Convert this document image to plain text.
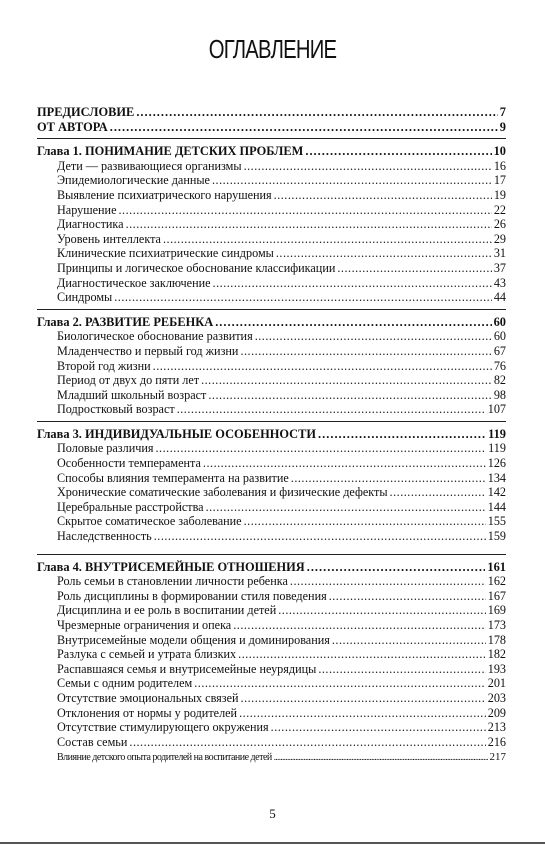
ОГЛАВЛЕНИЕ
ПРЕДИСЛОВИЕ .....	7
ОТ АВТОРА .....	9
Глава 1. ПОНИМАНИЕ ДЕТСКИХ ПРОБЛЕМ .....	10
Дети — развивающиеся организмы .....	16
Эпидемиологические данные .....	17
Выявление психиатрического нарушения .....	19
Нарушение .....	22
Диагностика .....	26
Уровень интеллекта .....	29
Клинические психиатрические синдромы .....	31
Принципы и логическое обоснование классификации .....	37
Диагностическое заключение .....	43
Синдромы .....	44
Глава 2. РАЗВИТИЕ РЕБЕНКА .....	60
Биологическое обоснование развития .....	60
Младенчество и первый год жизни .....	67
Второй год жизни .....	76
Период от двух до пяти лет .....	82
Младший школьный возраст .....	98
Подростковый возраст .....	107
Глава 3. ИНДИВИДУАЛЬНЫЕ ОСОБЕННОСТИ .....	119
Половые различия .....	119
Особенности темперамента .....	126
Способы влияния темперамента на развитие .....	134
Хронические соматические заболевания и физические дефекты .....	142
Церебральные расстройства .....	144
Скрытое соматическое заболевание .....	155
Наследственность .....	159
Глава 4. ВНУТРИСЕМЕЙНЫЕ ОТНОШЕНИЯ .....	161
Роль семьи в становлении личности ребенка .....	162
Роль дисциплины в формировании стиля поведения .....	167
Дисциплина и ее роль в воспитании детей .....	169
Чрезмерные ограничения и опека .....	173
Внутрисемейные модели общения и доминирования .....	178
Разлука с семьей и утрата близких .....	182
Распавшаяся семья и внутрисемейные неурядицы .....	193
Семьи с одним родителем .....	201
Отсутствие эмоциональных связей .....	203
Отклонения от нормы у родителей .....	209
Отсутствие стимулирующего окружения .....	213
Состав семьи .....	216
Влияние детского опыта родителей на воспитание детей .....	217
5
